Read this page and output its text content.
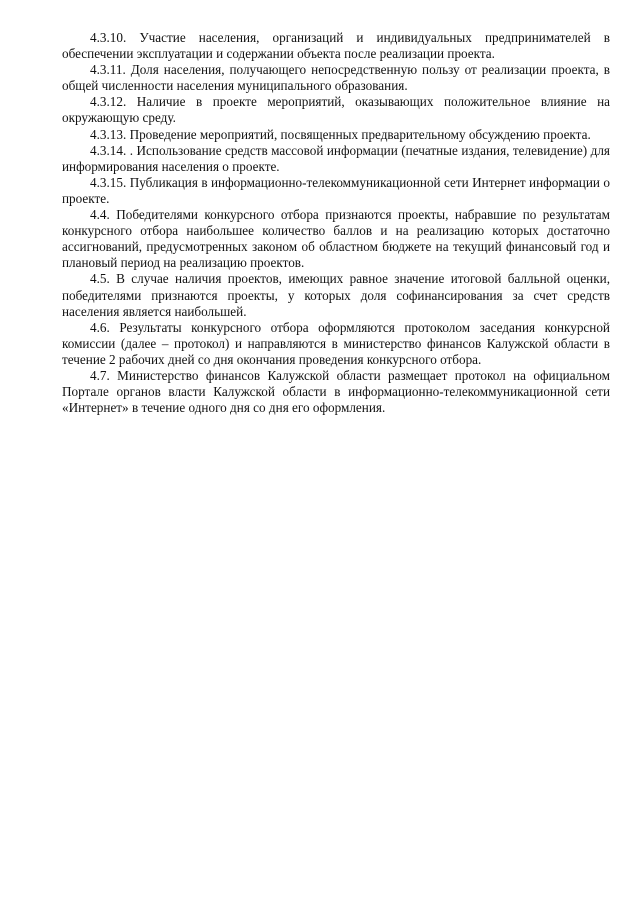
4.3.10. Участие населения, организаций и индивидуальных предпринимателей в обеспечении эксплуатации и содержании объекта после реализации проекта.

4.3.11. Доля населения, получающего непосредственную пользу от реализации проекта, в общей численности населения муниципального образования.

4.3.12. Наличие в проекте мероприятий, оказывающих положительное влияние на окружающую среду.

4.3.13. Проведение мероприятий, посвященных предварительному обсуждению проекта.

4.3.14. . Использование средств массовой информации (печатные издания, телевидение) для информирования населения о проекте.

4.3.15. Публикация в информационно-телекоммуникационной сети Интернет информации о проекте.

4.4. Победителями конкурсного отбора признаются проекты, набравшие по результатам конкурсного отбора наибольшее количество баллов и на реализацию которых достаточно ассигнований, предусмотренных законом об областном бюджете на текущий финансовый год и плановый период на реализацию проектов.

4.5. В случае наличия проектов, имеющих равное значение итоговой балльной оценки, победителями признаются проекты, у которых доля софинансирования за счет средств населения является наибольшей.

4.6. Результаты конкурсного отбора оформляются протоколом заседания конкурсной комиссии (далее – протокол) и направляются в министерство финансов Калужской области в течение 2 рабочих дней со дня окончания проведения конкурсного отбора.

4.7. Министерство финансов Калужской области размещает протокол на официальном Портале органов власти Калужской области в информационно-телекоммуникационной сети «Интернет» в течение одного дня со дня его оформления.
